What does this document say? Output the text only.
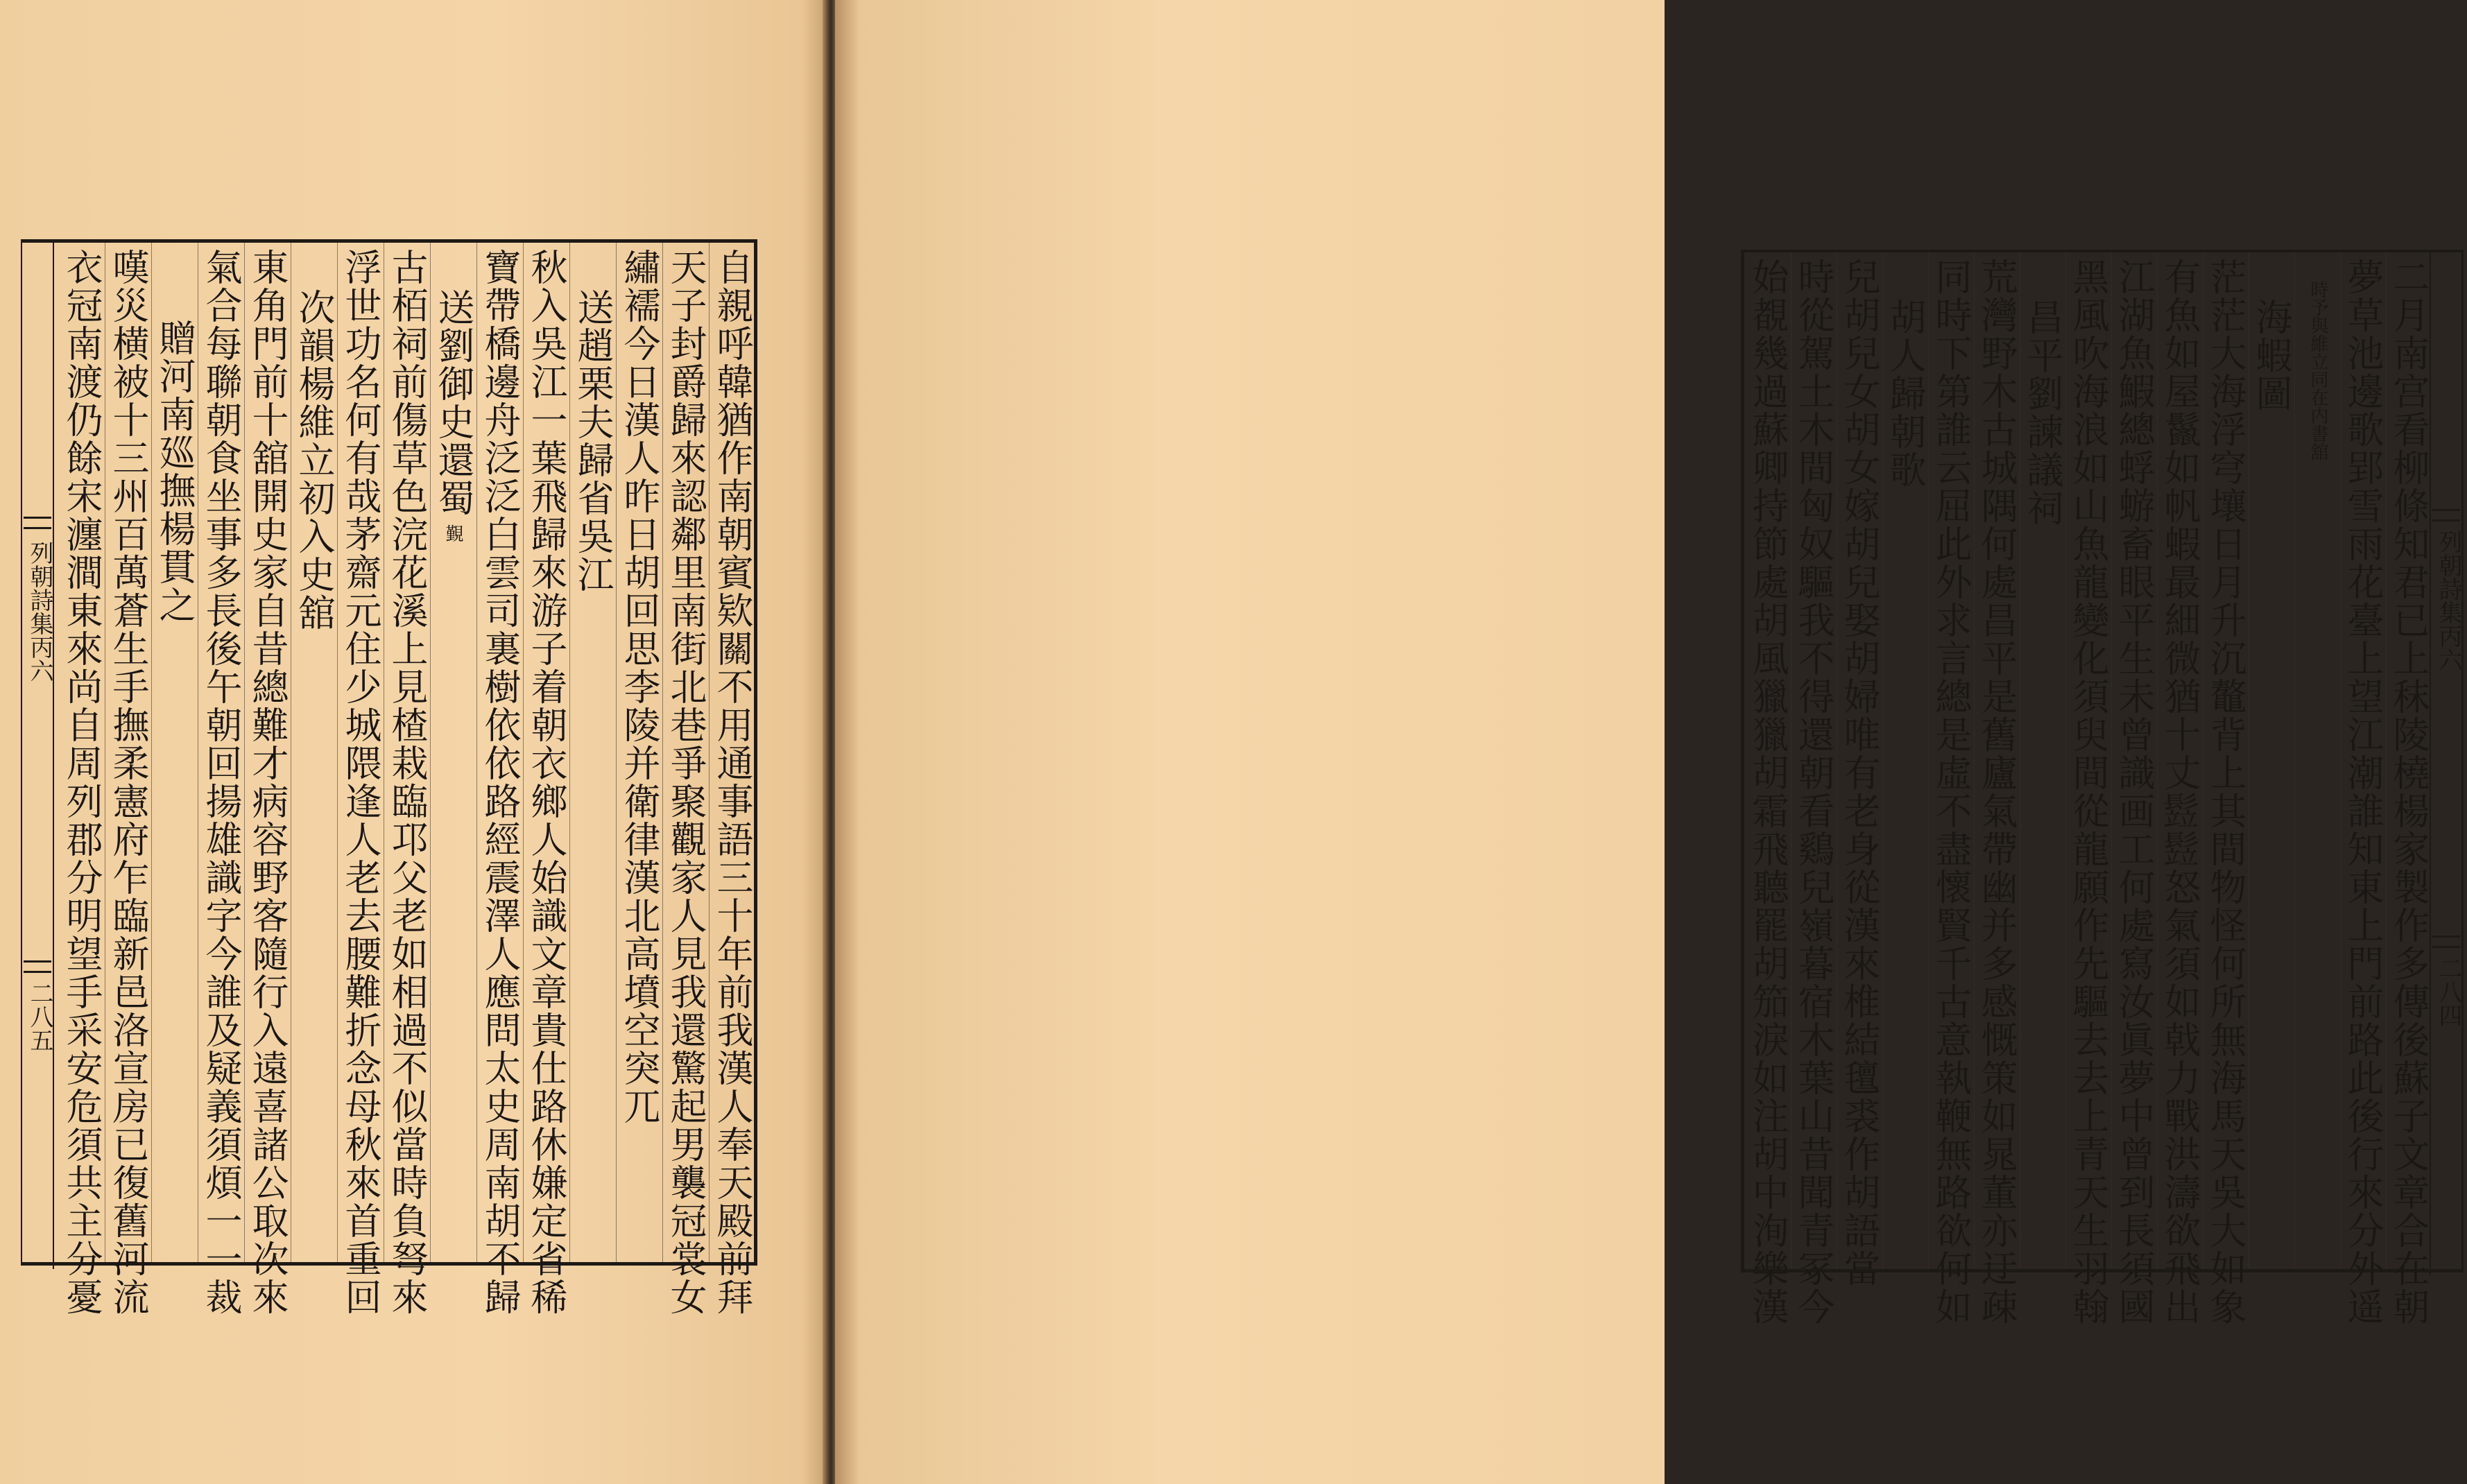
自親呼韓猶作南朝賓欵關不用通事語三十年前我漢人奉天殿前拜
天子封爵歸來認鄰里南街北巷爭聚觀家人見我還驚起男襲冠裳女
繡襦今日漢人昨日胡回思李陵并衛律漢北高墳空突兀
送趙栗夫歸省吳江
秋入吳江一葉飛歸來游子着朝衣鄉人始識文章貴仕路休嫌定省稀
寶帶橋邊舟泛泛白雲司裏樹依依路經震澤人應問太史周南胡不歸
送劉御史還蜀覲
古栢祠前傷草色浣花溪上見楂栽臨邛父老如相過不似當時負弩來
浮世功名何有哉茅齋元住少城隈逢人老去腰難折念母秋來首重回
次韻楊維立初入史舘
東角門前十舘開史家自昔總難才病容野客隨行入遠喜諸公取次來
氣合每聯朝食坐事多長後午朝回揚雄識字今誰及疑義須煩一一裁
贈河南廵撫楊貫之
嘆災横被十三州百萬蒼生手撫柔憲府乍臨新邑洛宣房已復舊河流
衣冠南渡仍餘宋瀍澗東來尚自周列郡分明望手采安危須共主分憂
列朝詩集丙六
二八五	二月南宫看柳條知君已上秣陵橈楊家製作多傳後蘇子文章合在朝
夢草池邊歌郢雪雨花臺上望江潮誰知東上門前路此後行來分外遥
時予與維立同在内書舘
海蝦圖
茫茫大海浮穹壤日月升沉鼇背上其間物怪何所無海馬天吳大如象
有魚如屋鬣如帆蝦最細微猶十丈𩮗𩮗怒氣須如戟力戰洪濤欲飛出
江湖魚鰕總蜉蝣畜眼平生未曾識画工何處寫汝眞夢中曾到長須國
黑風吹海浪如山魚龍變化須臾間從龍願作先驅去去上青天生羽翰
昌平劉諫議祠
荒灣野木古城隅何處昌平是舊廬氣帶幽并多感慨策如晁董亦迂疎
同時下第誰云屈此外求言總是虛不盡懷賢千古意執鞭無路欲何如
胡人歸朝歌
兒胡兒女胡女嫁胡兒娶胡婦唯有老身從漢來椎結氊裘作胡語當
時從駕土木間匈奴驅我不得還朝看鷄兒嶺暮宿木葉山昔聞青冢今
始覩幾過蘇卿持節處胡風獵獵胡霜飛聽罷胡笳淚如注胡中洵樂漢	列朝詩集丙六
二八四
